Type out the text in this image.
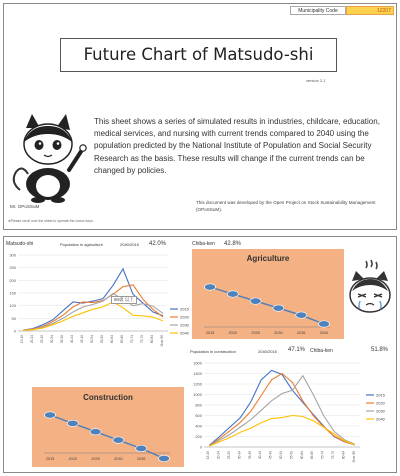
Municipality Code	12207
Future Chart of Matsudo-shi
version 2.1
This sheet shows a series of simulated results in industries, childcare, education, medical services, and nursing with current trends compared to 2040 using the population predicted by the National Institute of Population and Social Security Research as the basis. These results will change if the current trends can be changed by policies.
This document was developed by the Open Project on Stock Sustainability Management (OPoSSuM).
Mr. OPoSSuM
※Please scroll over the sheet to operate the cursor keys.
Matsudo-shi	Population in agriculture	2040/2015 42.0%	Chiba-ken 42.8%
0
50
100
150
200
250
300
15-19 20-24 25-29 30-34 35-39 40-44 45-49 50-54 55-59 60-64 65-69 70-74 75-79 80-84 Over 85
2015
2020
2030
2040
80歳 以上
Agriculture
2015	2020	2025	2030	2035	2040
Construction
2015	2020	2025	2030	2035
Population in construction	2040/2015 47.1% Chiba-ken	51.8%
0
200
400
600
800
1000
1200
1400
1600
15-19 20-24 25-29 30-34 35-39 40-44 45-49 50-54 55-59 60-64 65-69 70-74 75-79 80-84 Over 85
2015
2020
2030
2040
